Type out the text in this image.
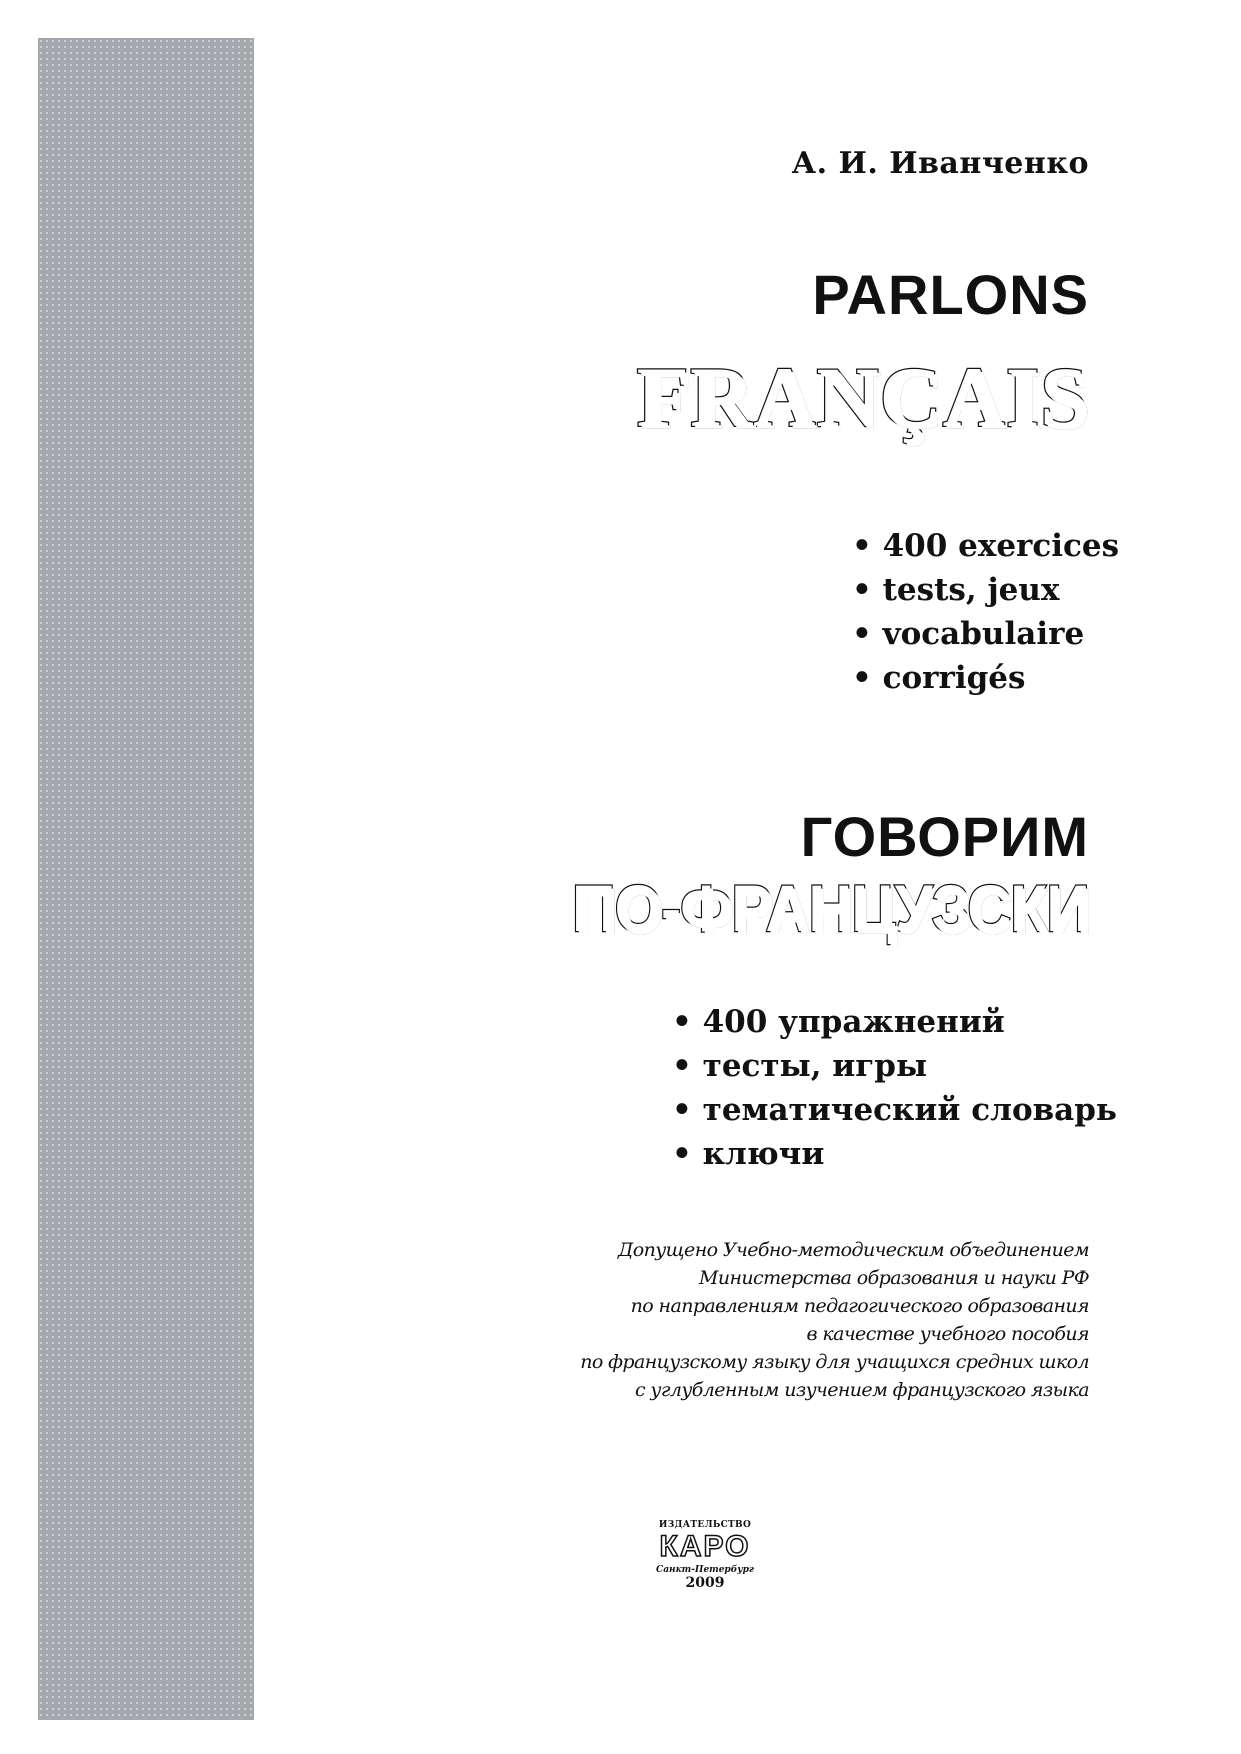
А. И. Иванченко
PARLONS
FRANÇAIS
• 400 exercices
• tests, jeux
• vocabulaire
• corrigés
ГОВОРИМ
ПО-ФРАНЦУЗСКИ
• 400 упражнений
• тесты, игры
• тематический словарь
• ключи
Допущено Учебно-методическим объединением
Министерства образования и науки РФ
по направлениям педагогического образования
в качестве учебного пособия
по французскому языку для учащихся средних школ
с углубленным изучением французского языка
ИЗДАТЕЛЬСТВО
КАРО
Санкт-Петербург
2009
